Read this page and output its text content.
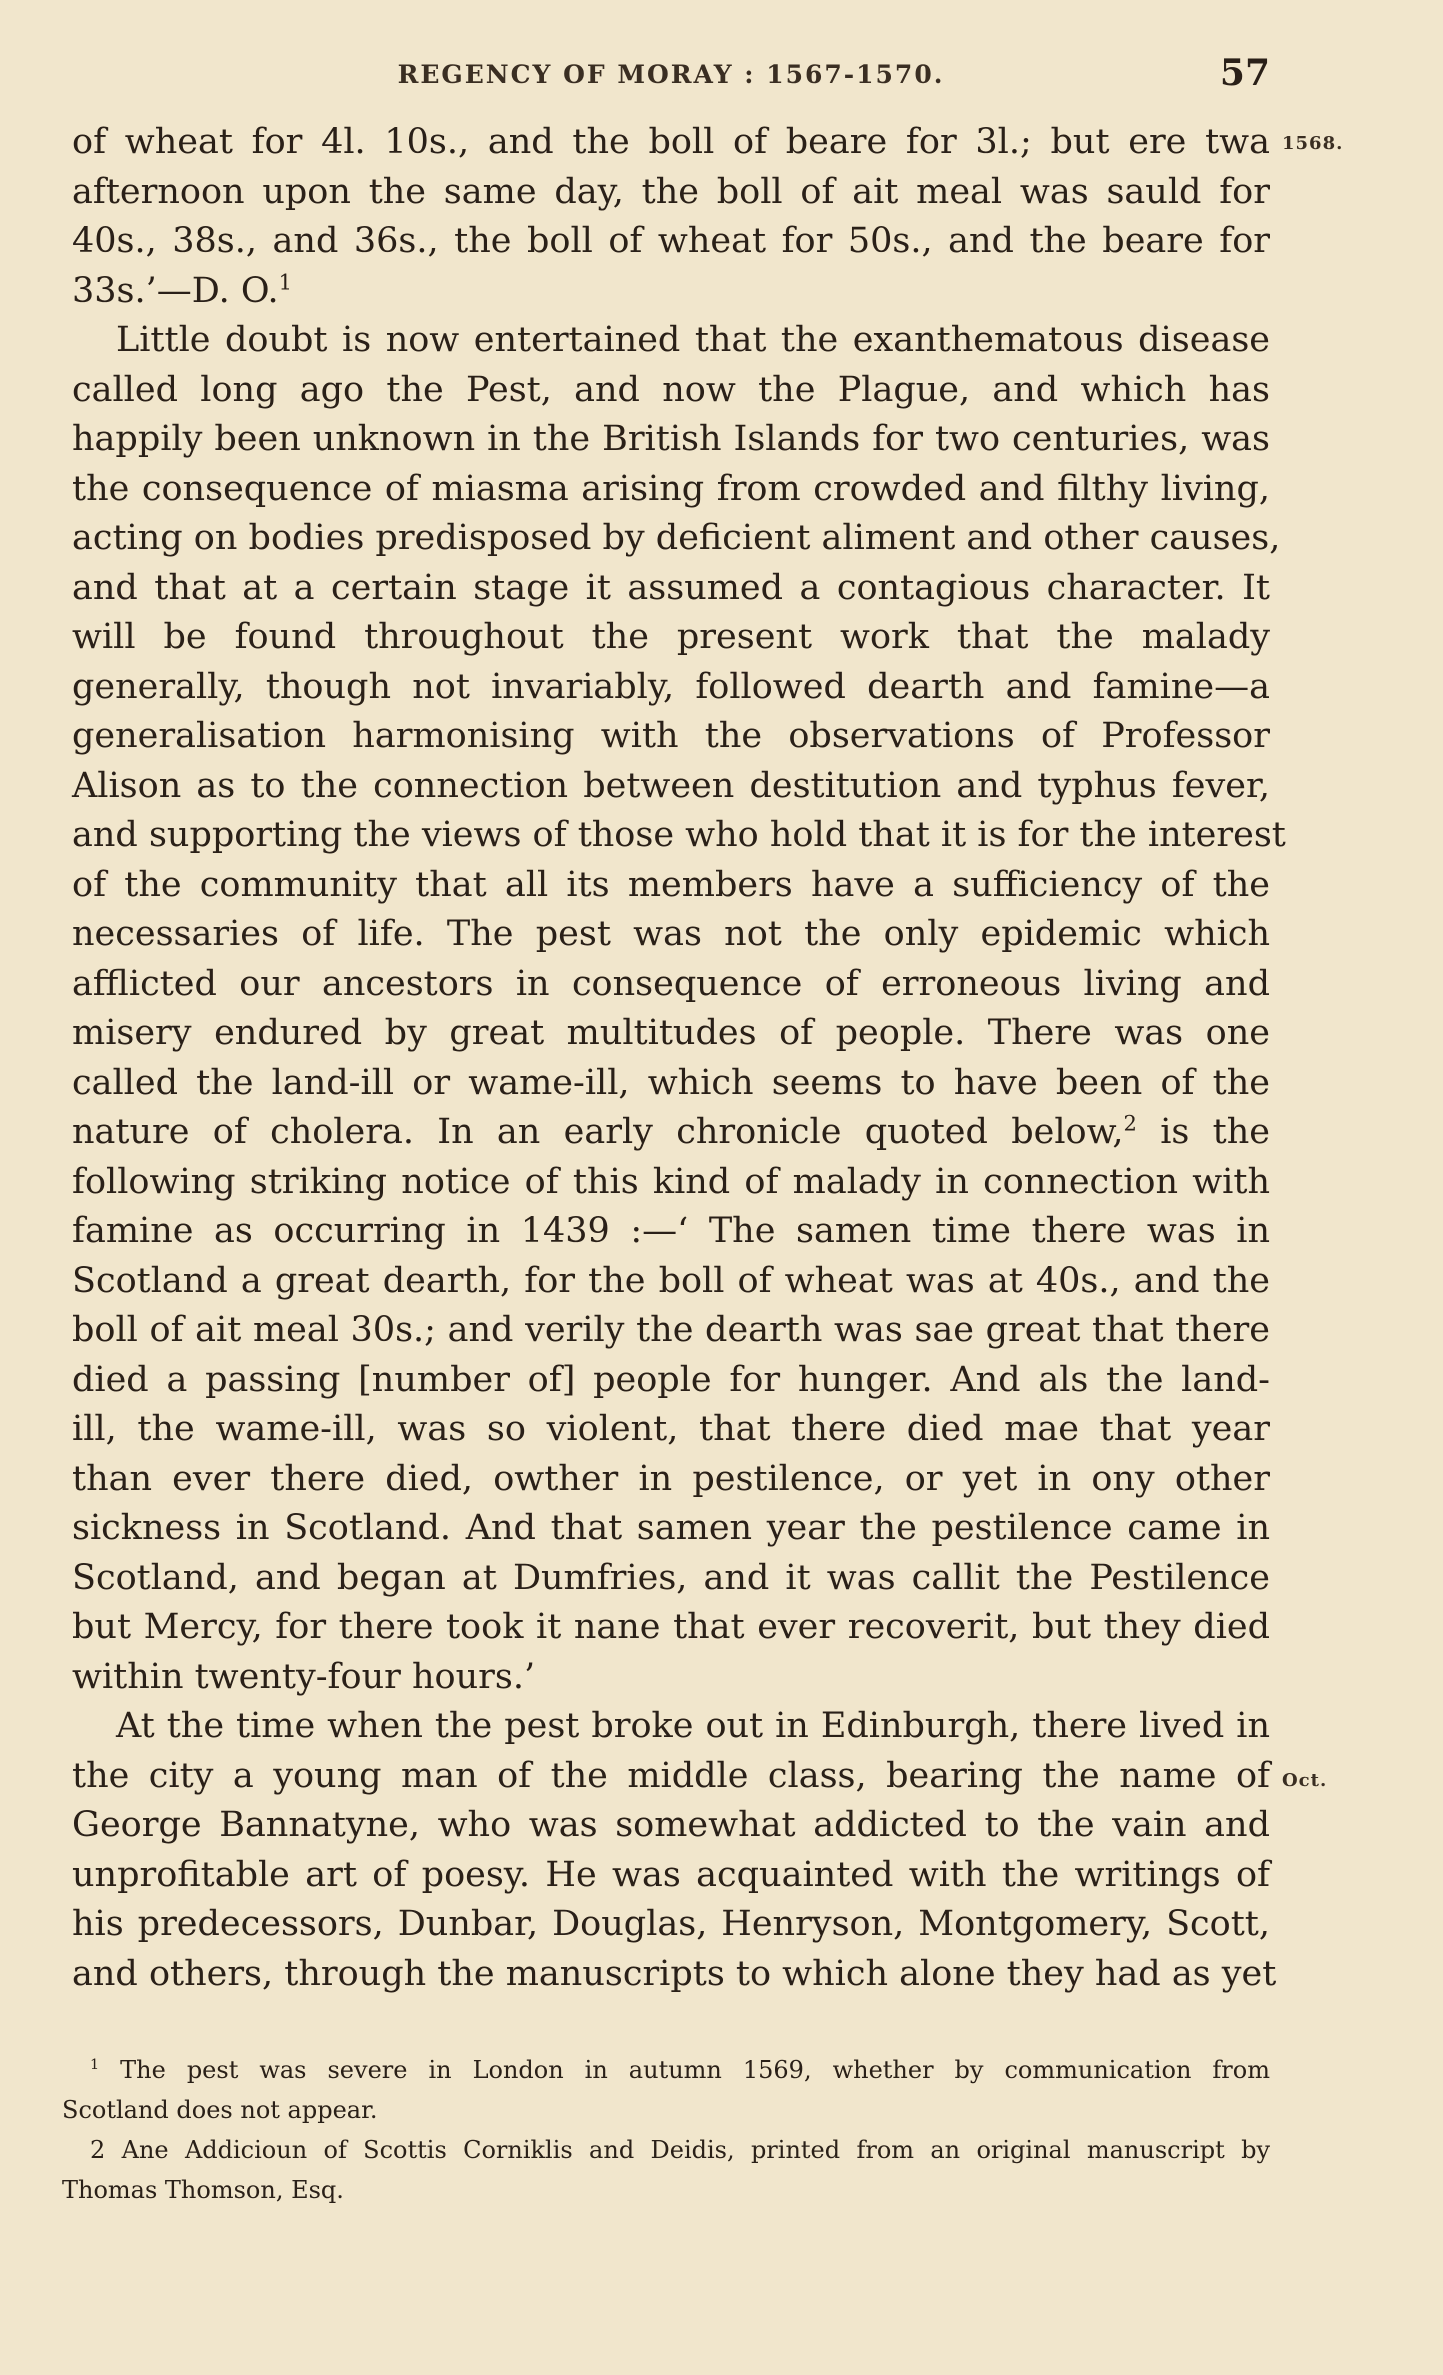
REGENCY OF MORAY : 1567-1570.	57
1568.
Oct.
of wheat for 4l. 10s., and the boll of beare for 3l.; but ere twa
afternoon upon the same day, the boll of ait meal was sauld for
40s., 38s., and 36s., the boll of wheat for 50s., and the beare for
33s.’—D. O.$^1$
Little doubt is now entertained that the exanthematous disease
called long ago the Pest, and now the Plague, and which has
happily been unknown in the British Islands for two centuries, was
the consequence of miasma arising from crowded and filthy living,
acting on bodies predisposed by deficient aliment and other causes,
and that at a certain stage it assumed a contagious character. It
will be found throughout the present work that the malady
generally, though not invariably, followed dearth and famine—a
generalisation harmonising with the observations of Professor
Alison as to the connection between destitution and typhus fever,
and supporting the views of those who hold that it is for the interest
of the community that all its members have a sufficiency of the
necessaries of life. The pest was not the only epidemic which
afflicted our ancestors in consequence of erroneous living and
misery endured by great multitudes of people. There was one
called the land-ill or wame-ill, which seems to have been of the
nature of cholera. In an early chronicle quoted below,$^2$ is the
following striking notice of this kind of malady in connection with
famine as occurring in 1439 :—‘ The samen time there was in
Scotland a great dearth, for the boll of wheat was at 40s., and the
boll of ait meal 30s.; and verily the dearth was sae great that there
died a passing [number of] people for hunger. And als the land-
ill, the wame-ill, was so violent, that there died mae that year
than ever there died, owther in pestilence, or yet in ony other
sickness in Scotland. And that samen year the pestilence came in
Scotland, and began at Dumfries, and it was callit the Pestilence
but Mercy, for there took it nane that ever recoverit, but they died
within twenty-four hours.’
At the time when the pest broke out in Edinburgh, there lived in
the city a young man of the middle class, bearing the name of
George Bannatyne, who was somewhat addicted to the vain and
unprofitable art of poesy. He was acquainted with the writings of
his predecessors, Dunbar, Douglas, Henryson, Montgomery, Scott,
and others, through the manuscripts to which alone they had as yet
$^1$ The pest was severe in London in autumn 1569, whether by communication from
Scotland does not appear.
2 Ane Addicioun of Scottis Corniklis and Deidis, printed from an original manuscript by
Thomas Thomson, Esq.
